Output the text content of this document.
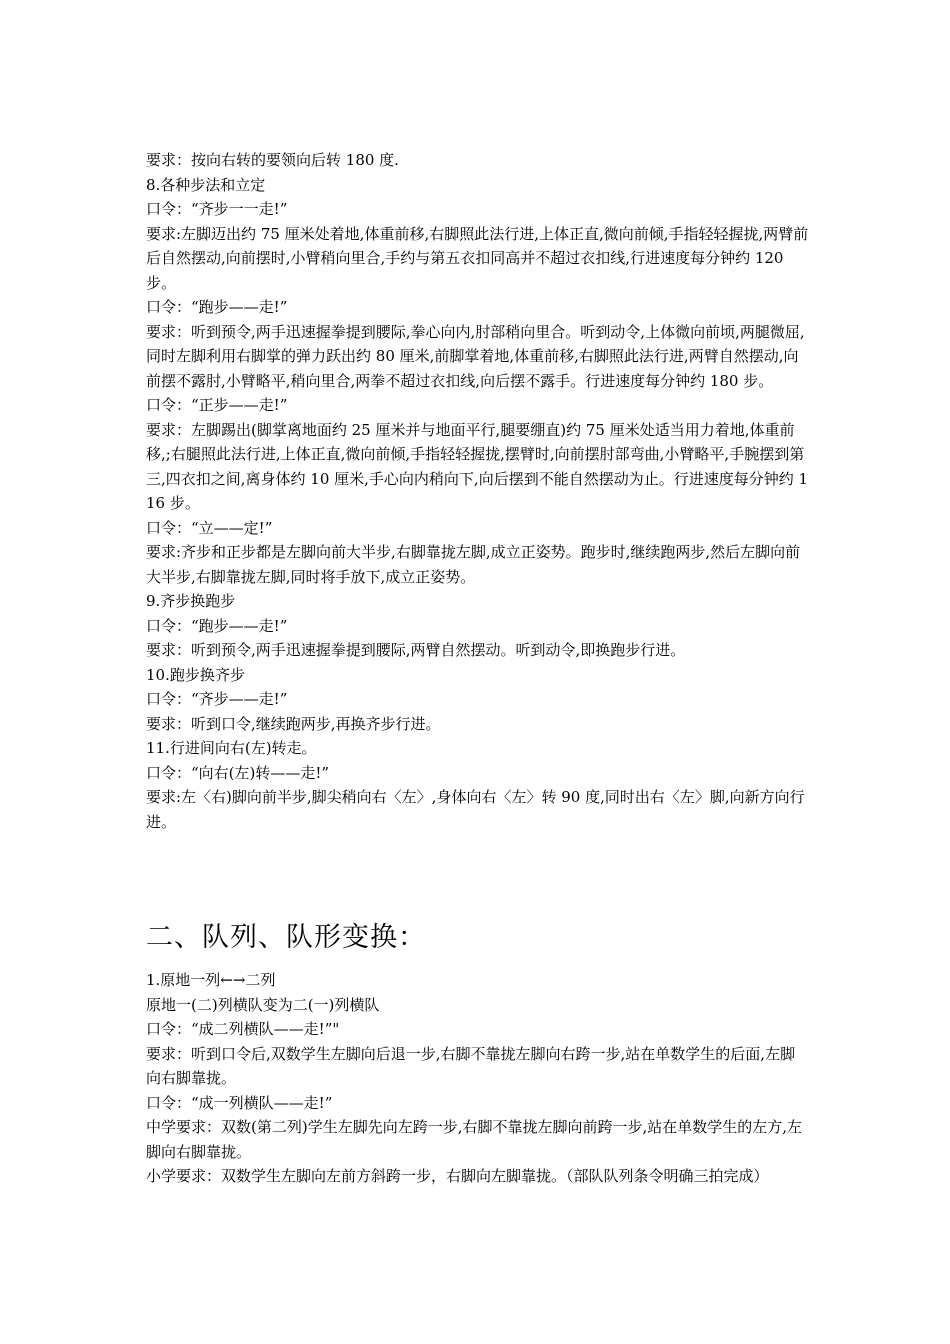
要求：按向右转的要领向后转 180 度.

8.各种步法和立定

口令：“齐步一一走!”

要求:左脚迈出约 75 厘米处着地,体重前移,右脚照此法行进,上体正直,微向前倾,手指轻轻握拢,两臂前后自然摆动,向前摆时,小臂稍向里合,手约与第五衣扣同高并不超过衣扣线,行进速度每分钟约 120 步。

口令：“跑步——走!”

要求：听到预令,两手迅速握拳提到腰际,拳心向内,肘部稍向里合。听到动令,上体微向前顷,两腿微屈,同时左脚利用右脚掌的弹力跃出约 80 厘米,前脚掌着地,体重前移,右脚照此法行进,两臂自然摆动,向前摆不露肘,小臂略平,稍向里合,两拳不超过衣扣线,向后摆不露手。行进速度每分钟约 180 步。

口令：“正步——走!”

要求：左脚踢出(脚掌离地面约 25 厘米并与地面平行,腿要绷直)约 75 厘米处适当用力着地,体重前移,;右腿照此法行进,上体正直,微向前倾,手指轻轻握拢,摆臂时,向前摆肘部弯曲,小臂略平,手腕摆到第三,四衣扣之间,离身体约 10 厘米,手心向内稍向下,向后摆到不能自然摆动为止。行进速度每分钟约 116 步。

口令：“立——定!”

要求:齐步和正步都是左脚向前大半步,右脚靠拢左脚,成立正姿势。跑步时,继续跑两步,然后左脚向前大半步,右脚靠拢左脚,同时将手放下,成立正姿势。

9.齐步换跑步

口令：“跑步——走!”

要求：听到预令,两手迅速握拳提到腰际,两臂自然摆动。听到动令,即换跑步行进。

10.跑步换齐步

口令：“齐步——走!”

要求：听到口令,继续跑两步,再换齐步行进。

11.行进间向右(左)转走。

口令：“向右(左)转——走!”

要求:左〈右)脚向前半步,脚尖稍向右〈左〉,身体向右〈左〉转 90 度,同时出右〈左〉脚,向新方向行进。

二、队列、队形变换：

1.原地一列←→二列

原地一(二)列横队变为二(一)列横队

口令：“成二列横队——走!”"

要求：听到口令后,双数学生左脚向后退一步,右脚不靠拢左脚向右跨一步,站在单数学生的后面,左脚向右脚靠拢。

口令：“成一列横队——走!”

中学要求：双数(第二列)学生左脚先向左跨一步,右脚不靠拢左脚向前跨一步,站在单数学生的左方,左脚向右脚靠拢。

小学要求：双数学生左脚向左前方斜跨一步，右脚向左脚靠拢。（部队队列条令明确三拍完成）
